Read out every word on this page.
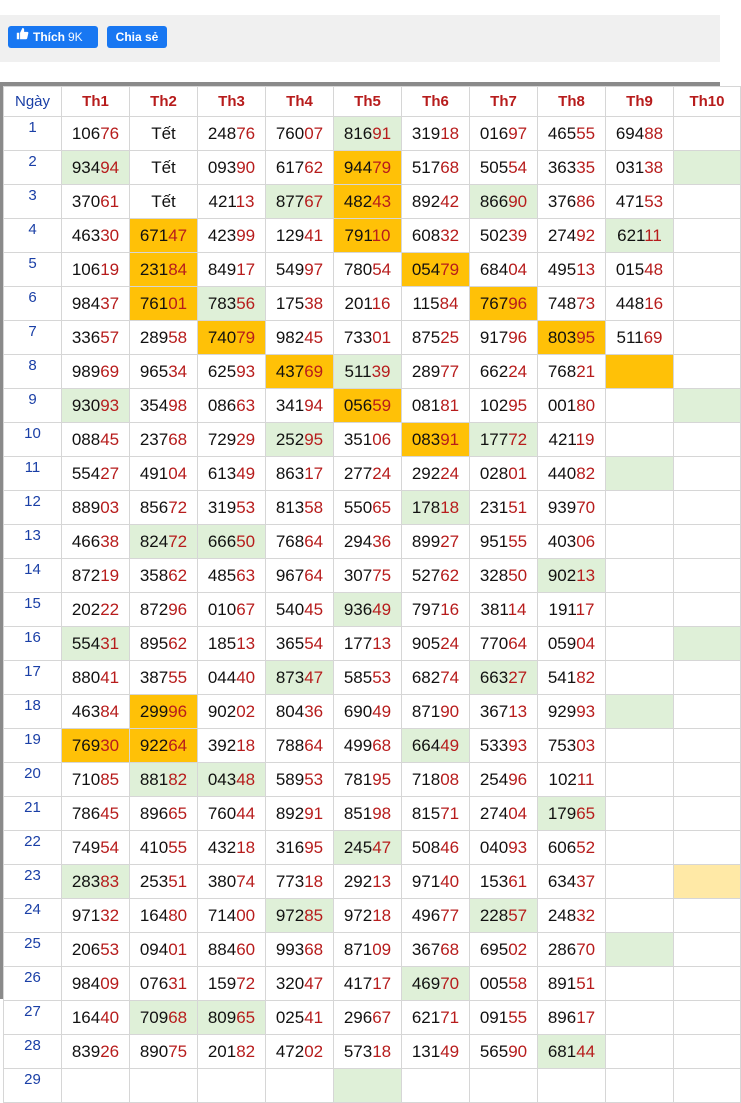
Thích 9K	Chia sẻ
Ngày	Th1	Th2	Th3	Th4	Th5	Th6	Th7	Th8	Th9	Th10
1	10676	Tết	24876	76007	81691	31918	01697	46555	69488	
2	93494	Tết	09390	61762	94479	51768	50554	36335	03138	
3	37061	Tết	42113	87767	48243	89242	86690	37686	47153	
4	46330	67147	42399	12941	79110	60832	50239	27492	62111	
5	10619	23184	84917	54997	78054	05479	68404	49513	01548	
6	98437	76101	78356	17538	20116	11584	76796	74873	44816	
7	33657	28958	74079	98245	73301	87525	91796	80395	51169	
8	98969	96534	62593	43769	51139	28977	66224	76821		
9	93093	35498	08663	34194	05659	08181	10295	00180		
10	08845	23768	72929	25295	35106	08391	17772	42119		
11	55427	49104	61349	86317	27724	29224	02801	44082		
12	88903	85672	31953	81358	55065	17818	23151	93970		
13	46638	82472	66650	76864	29436	89927	95155	40306		
14	87219	35862	48563	96764	30775	52762	32850	90213		
15	20222	87296	01067	54045	93649	79716	38114	19117		
16	55431	89562	18513	36554	17713	90524	77064	05904		
17	88041	38755	04440	87347	58553	68274	66327	54182		
18	46384	29996	90202	80436	69049	87190	36713	92993		
19	76930	92264	39218	78864	49968	66449	53393	75303		
20	71085	88182	04348	58953	78195	71808	25496	10211		
21	78645	89665	76044	89291	85198	81571	27404	17965		
22	74954	41055	43218	31695	24547	50846	04093	60652		
23	28383	25351	38074	77318	29213	97140	15361	63437		
24	97132	16480	71400	97285	97218	49677	22857	24832		
25	20653	09401	88460	99368	87109	36768	69502	28670		
26	98409	07631	15972	32047	41717	46970	00558	89151		
27	16440	70968	80965	02541	29667	62171	09155	89617		
28	83926	89075	20182	47202	57318	13149	56590	68144		
29										
